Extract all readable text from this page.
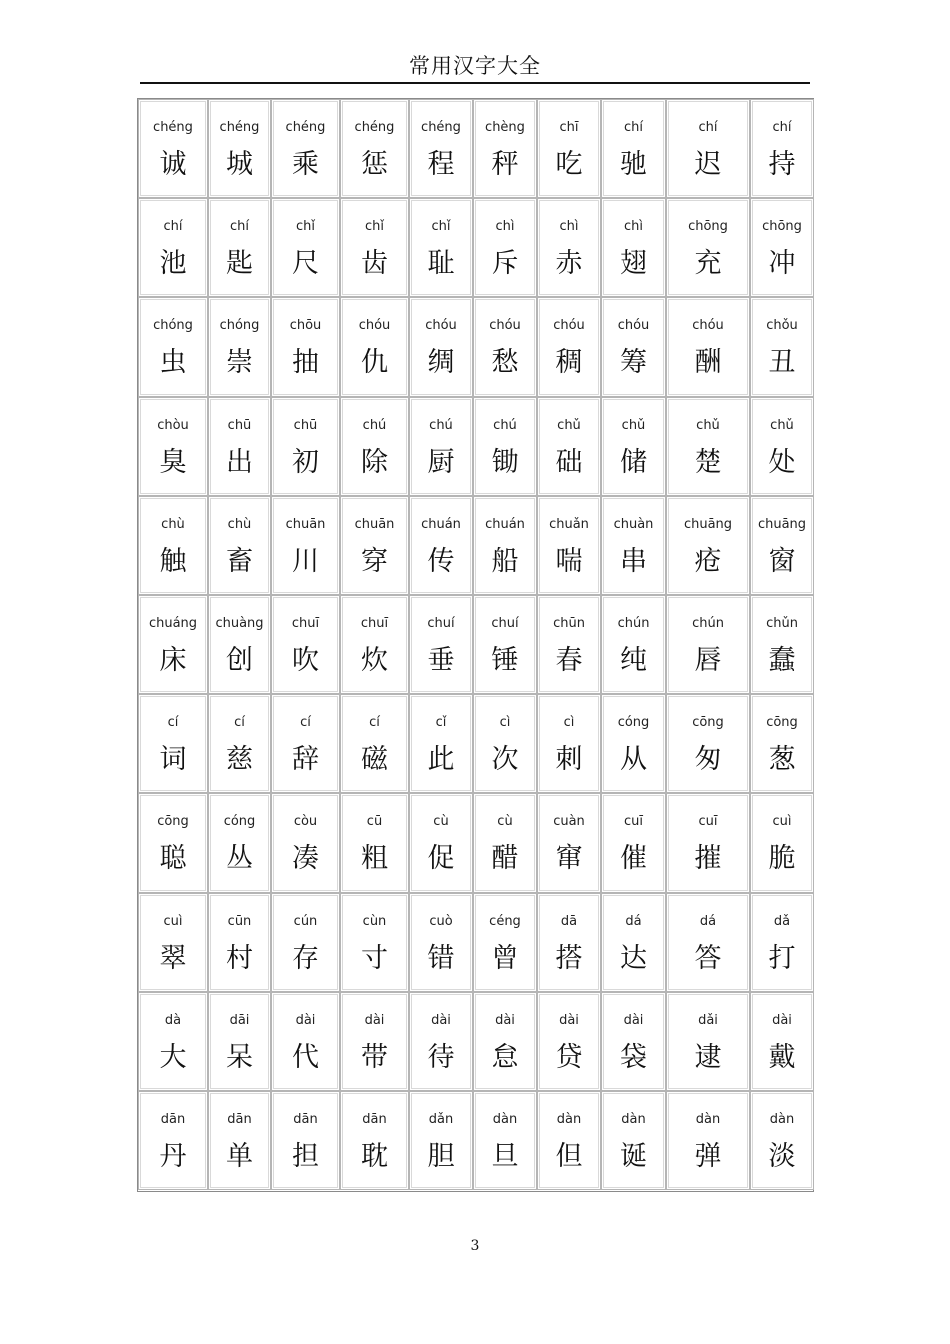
常用汉字大全
chéng
诚
chéng
城
chéng
乘
chéng
惩
chéng
程
chèng
秤
chī
吃
chí
驰
chí
迟
chí
持
chí
池
chí
匙
chǐ
尺
chǐ
齿
chǐ
耻
chì
斥
chì
赤
chì
翅
chōng
充
chōng
冲
chóng
虫
chóng
崇
chōu
抽
chóu
仇
chóu
绸
chóu
愁
chóu
稠
chóu
筹
chóu
酬
chǒu
丑
chòu
臭
chū
出
chū
初
chú
除
chú
厨
chú
锄
chǔ
础
chǔ
储
chǔ
楚
chǔ
处
chù
触
chù
畜
chuān
川
chuān
穿
chuán
传
chuán
船
chuǎn
喘
chuàn
串
chuāng
疮
chuāng
窗
chuáng
床
chuàng
创
chuī
吹
chuī
炊
chuí
垂
chuí
锤
chūn
春
chún
纯
chún
唇
chǔn
蠢
cí
词
cí
慈
cí
辞
cí
磁
cǐ
此
cì
次
cì
刺
cóng
从
cōng
匆
cōng
葱
cōng
聪
cóng
丛
còu
凑
cū
粗
cù
促
cù
醋
cuàn
窜
cuī
催
cuī
摧
cuì
脆
cuì
翠
cūn
村
cún
存
cùn
寸
cuò
错
céng
曾
dā
搭
dá
达
dá
答
dǎ
打
dà
大
dāi
呆
dài
代
dài
带
dài
待
dài
怠
dài
贷
dài
袋
dǎi
逮
dài
戴
dān
丹
dān
单
dān
担
dān
耽
dǎn
胆
dàn
旦
dàn
但
dàn
诞
dàn
弹
dàn
淡
3
